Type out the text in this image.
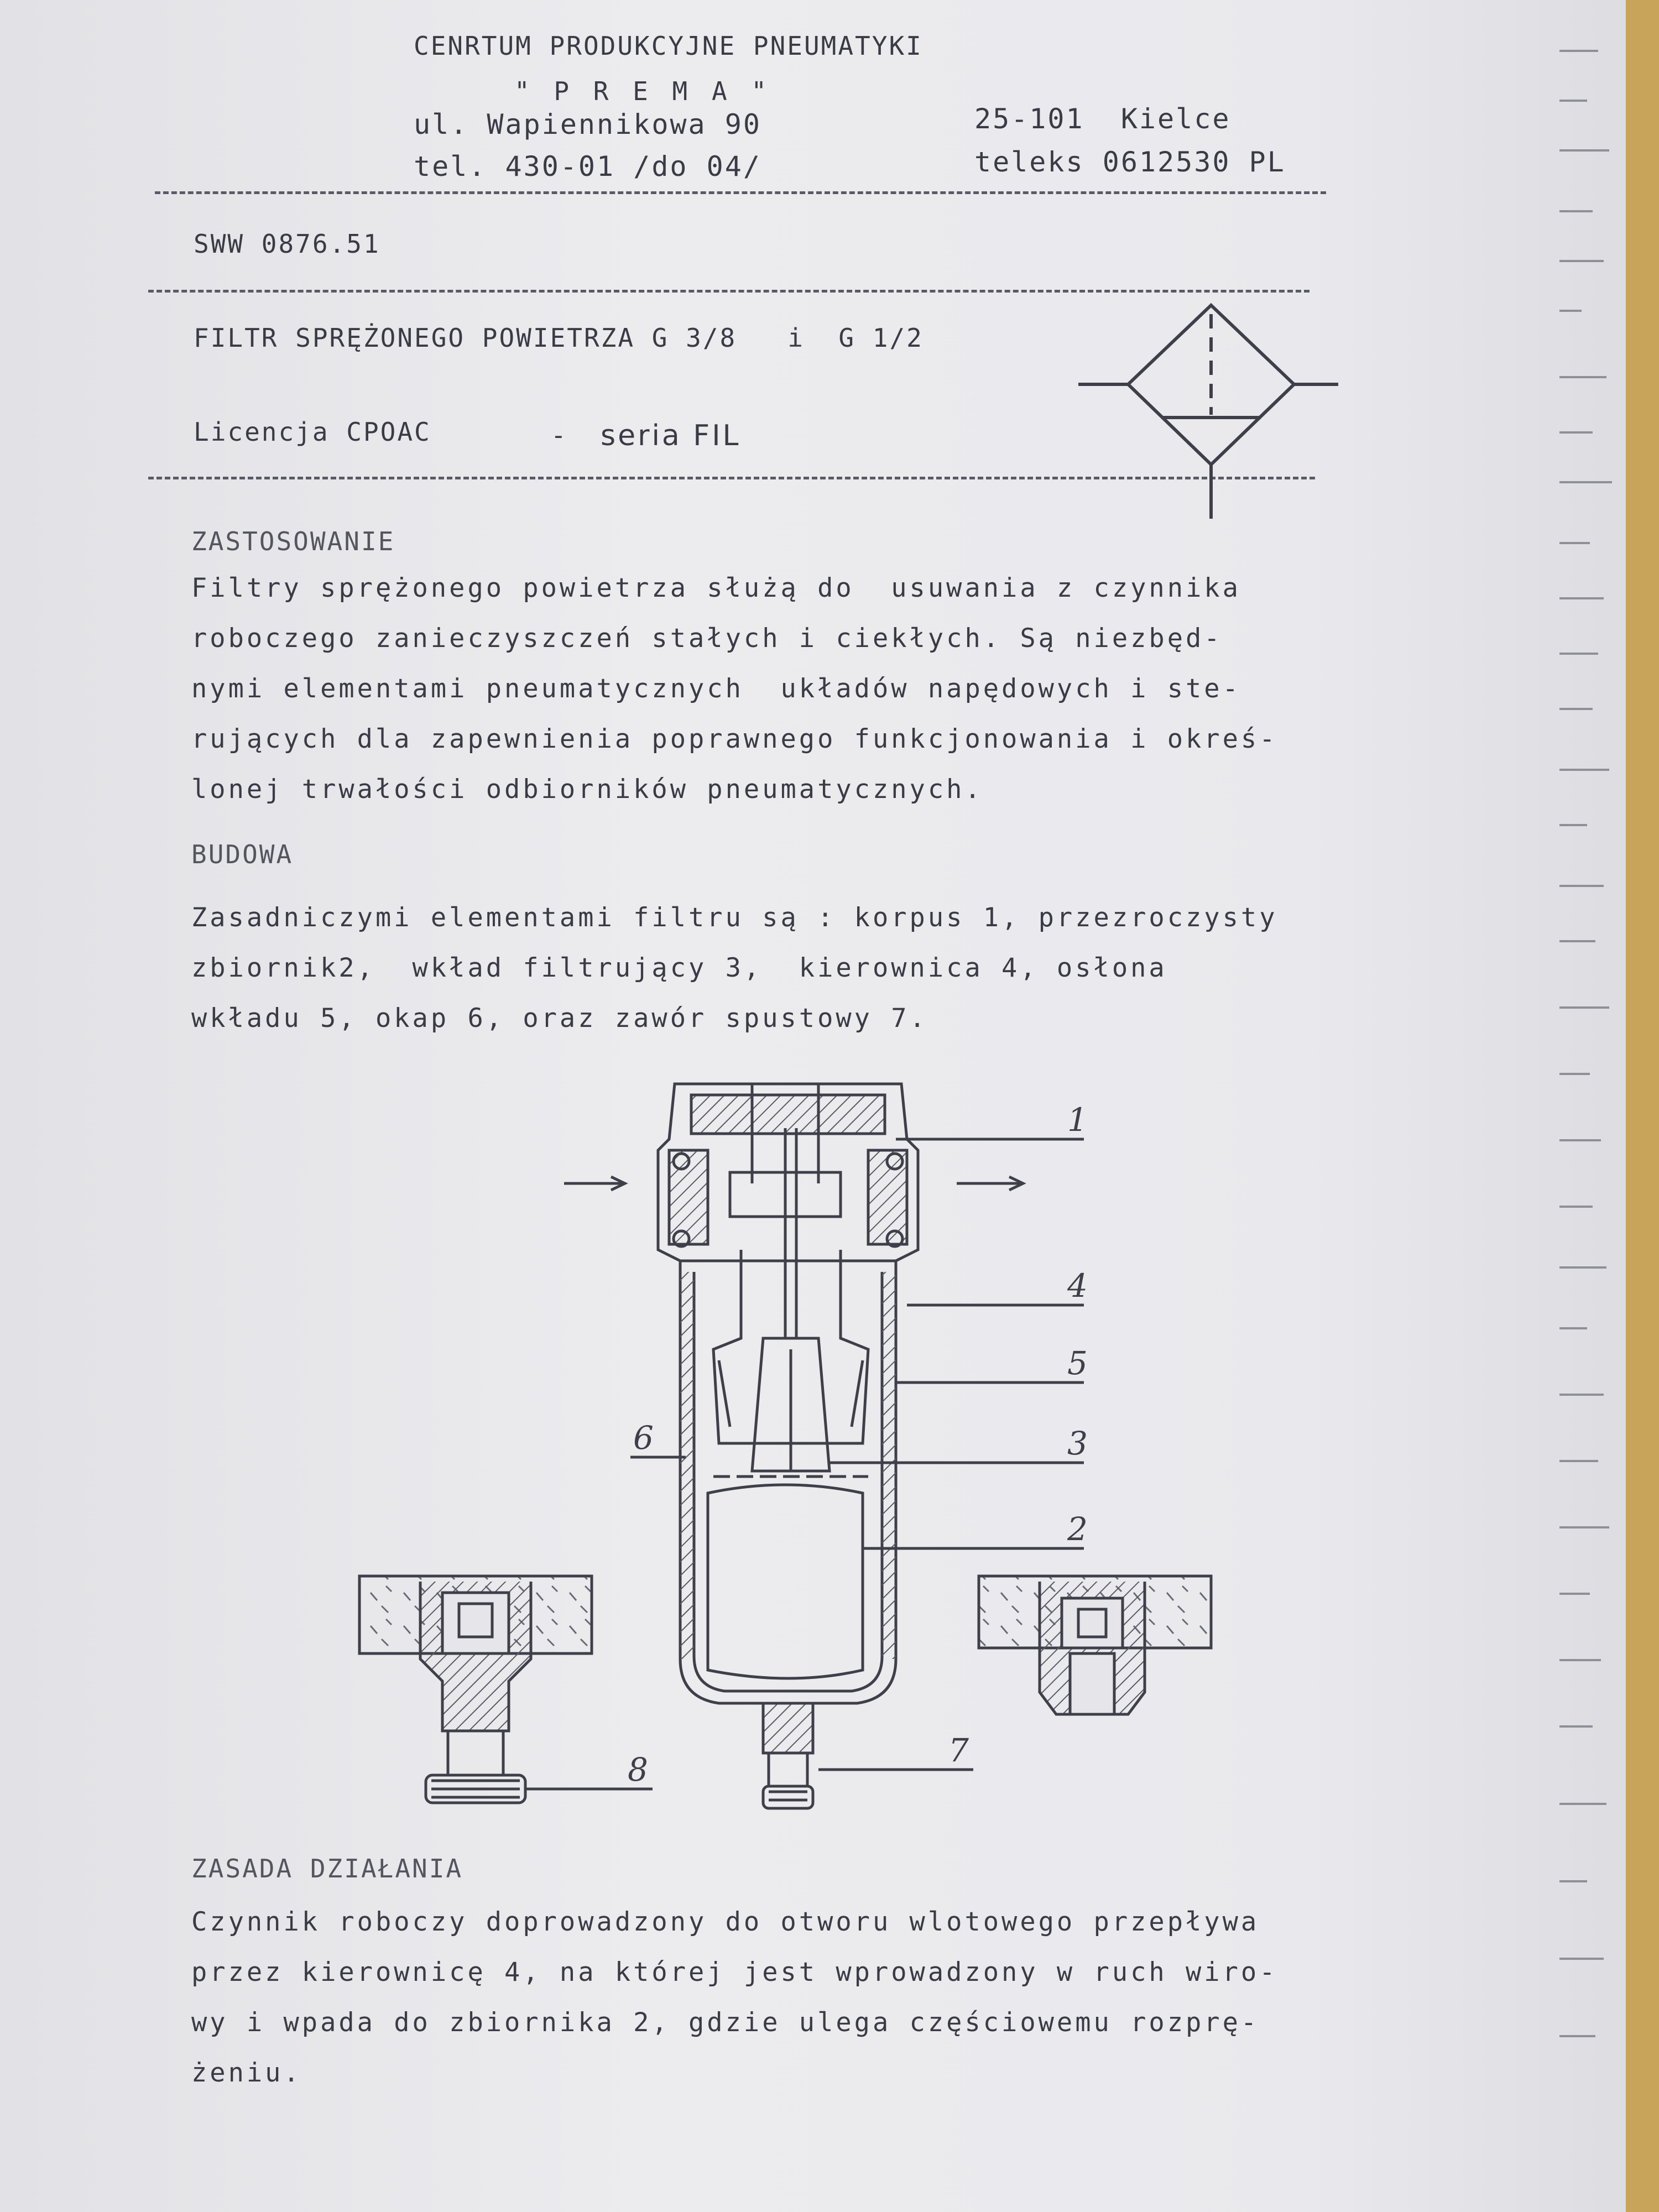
CENRTUM PRODUKCYJNE PNEUMATYKI
" P R E M A "
ul. Wapiennikowa 90	25-101  Kielce
tel. 430-01 /do 04/	teleks 0612530 PL
SWW 0876.51
FILTR SPRĘŻONEGO POWIETRZA G 3/8   i  G 1/2
Licencja CPOAC	- seria FIL
ZASTOSOWANIE
Filtry sprężonego powietrza służą do  usuwania z czynnika
roboczego zanieczyszczeń stałych i ciekłych. Są niezbęd-
nymi elementami pneumatycznych  układów napędowych i ste-
rujących dla zapewnienia poprawnego funkcjonowania i okreś-
lonej trwałości odbiorników pneumatycznych.
BUDOWA
Zasadniczymi elementami filtru są : korpus 1, przezroczysty
zbiornik2,  wkład filtrujący 3,  kierownica 4, osłona
wkładu 5, okap 6, oraz zawór spustowy 7.
1
4
5
6	3
2
7
8
ZASADA DZIAŁANIA
Czynnik roboczy doprowadzony do otworu wlotowego przepływa
przez kierownicę 4, na której jest wprowadzony w ruch wiro-
wy i wpada do zbiornika 2, gdzie ulega częściowemu rozprę-
żeniu.
